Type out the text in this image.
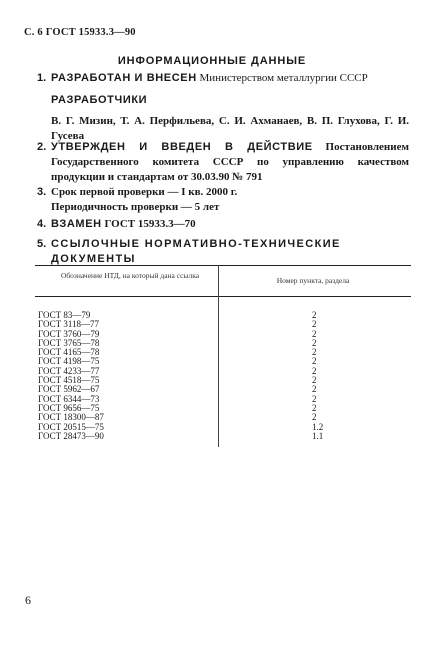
С. 6 ГОСТ 15933.3—90
ИНФОРМАЦИОННЫЕ ДАННЫЕ
1. РАЗРАБОТАН И ВНЕСЕН Министерством металлургии СССР
РАЗРАБОТЧИКИ
В. Г. Мизин, Т. А. Перфильева, С. И. Ахманаев, В. П. Глухова, Г. И. Гусева
2. УТВЕРЖДЕН И ВВЕДЕН В ДЕЙСТВИЕ Постановлением Государственного комитета СССР по управлению качеством продукции и стандартам от 30.03.90 № 791
3. Срок первой проверки — I кв. 2000 г.
Периодичность проверки — 5 лет
4. ВЗАМЕН ГОСТ 15933.3—70
5. ССЫЛОЧНЫЕ НОРМАТИВНО-ТЕХНИЧЕСКИЕ ДОКУМЕНТЫ
Обозначение НТД, на который дана ссылка
Номер пункта, раздела
ГОСТ 83—79	2
ГОСТ 3118—77	2
ГОСТ 3760—79	2
ГОСТ 3765—78	2
ГОСТ 4165—78	2
ГОСТ 4198—75	2
ГОСТ 4233—77	2
ГОСТ 4518—75	2
ГОСТ 5962—67	2
ГОСТ 6344—73	2
ГОСТ 9656—75	2
ГОСТ 18300—87	2
ГОСТ 20515—75	1.2
ГОСТ 28473—90	1.1
6
